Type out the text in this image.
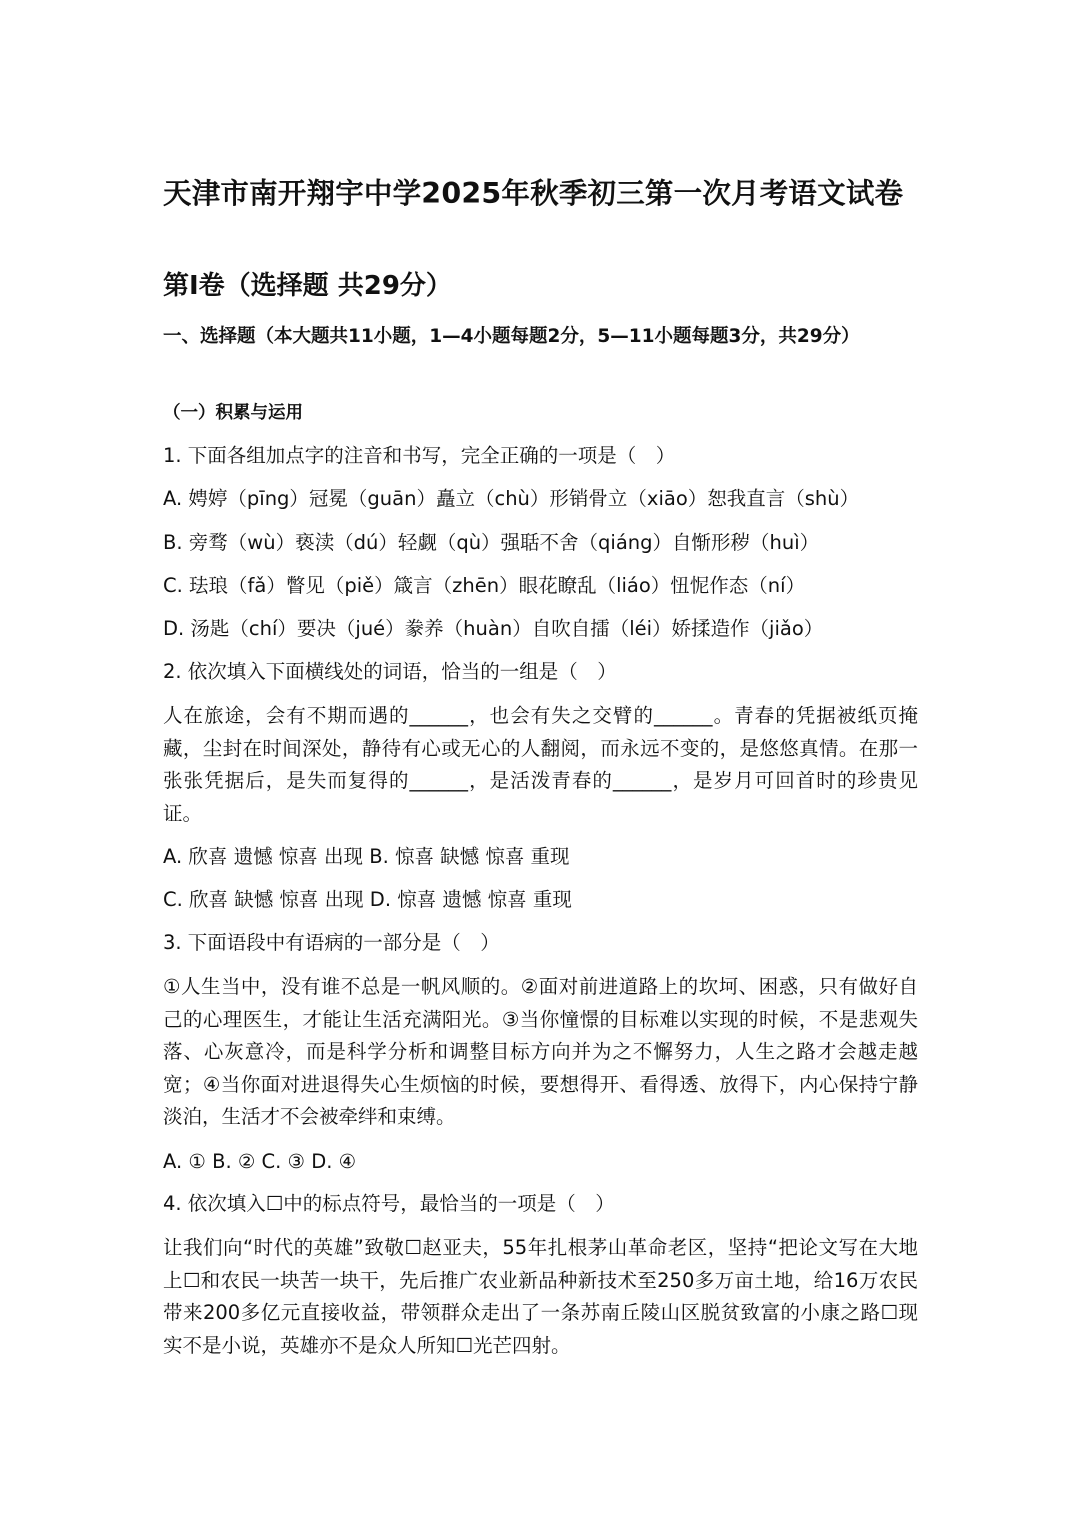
天津市南开翔宇中学2025年秋季初三第一次月考语文试卷
第Ⅰ卷（选择题 共29分）
一、选择题（本大题共11小题，1—4小题每题2分，5—11小题每题3分，共29分）
（一）积累与运用
1. 下面各组加点字的注音和书写，完全正确的一项是（　）
A. 娉婷（pīng）冠冕（guān）矗立（chù）形销骨立（xiāo）恕我直言（shù）
B. 旁骛（wù）亵渎（dú）轻觑（qù）强聒不舍（qiáng）自惭形秽（huì）
C. 珐琅（fǎ）瞥见（piě）箴言（zhēn）眼花瞭乱（liáo）忸怩作态（ní）
D. 汤匙（chí）要决（jué）豢养（huàn）自吹自擂（léi）娇揉造作（jiǎo）
2. 依次填入下面横线处的词语，恰当的一组是（　）
人在旅途，会有不期而遇的______，也会有失之交臂的______。青春的凭据被纸页掩藏，尘封在时间深处，静待有心或无心的人翻阅，而永远不变的，是悠悠真情。在那一张张凭据后，是失而复得的______，是活泼青春的______，是岁月可回首时的珍贵见证。
A. 欣喜 遗憾 惊喜 出现 B. 惊喜 缺憾 惊喜 重现
C. 欣喜 缺憾 惊喜 出现 D. 惊喜 遗憾 惊喜 重现
3. 下面语段中有语病的一部分是（　）
①人生当中，没有谁不总是一帆风顺的。②面对前进道路上的坎坷、困惑，只有做好自己的心理医生，才能让生活充满阳光。③当你憧憬的目标难以实现的时候，不是悲观失落、心灰意冷，而是科学分析和调整目标方向并为之不懈努力，人生之路才会越走越宽；④当你面对进退得失心生烦恼的时候，要想得开、看得透、放得下，内心保持宁静淡泊，生活才不会被牵绊和束缚。
A. ① B. ② C. ③ D. ④
4. 依次填入☐中的标点符号，最恰当的一项是（　）
让我们向“时代的英雄”致敬☐赵亚夫，55年扎根茅山革命老区，坚持“把论文写在大地上☐和农民一块苦一块干，先后推广农业新品种新技术至250多万亩土地，给16万农民带来200多亿元直接收益，带领群众走出了一条苏南丘陵山区脱贫致富的小康之路☐现实不是小说，英雄亦不是众人所知☐光芒四射。
